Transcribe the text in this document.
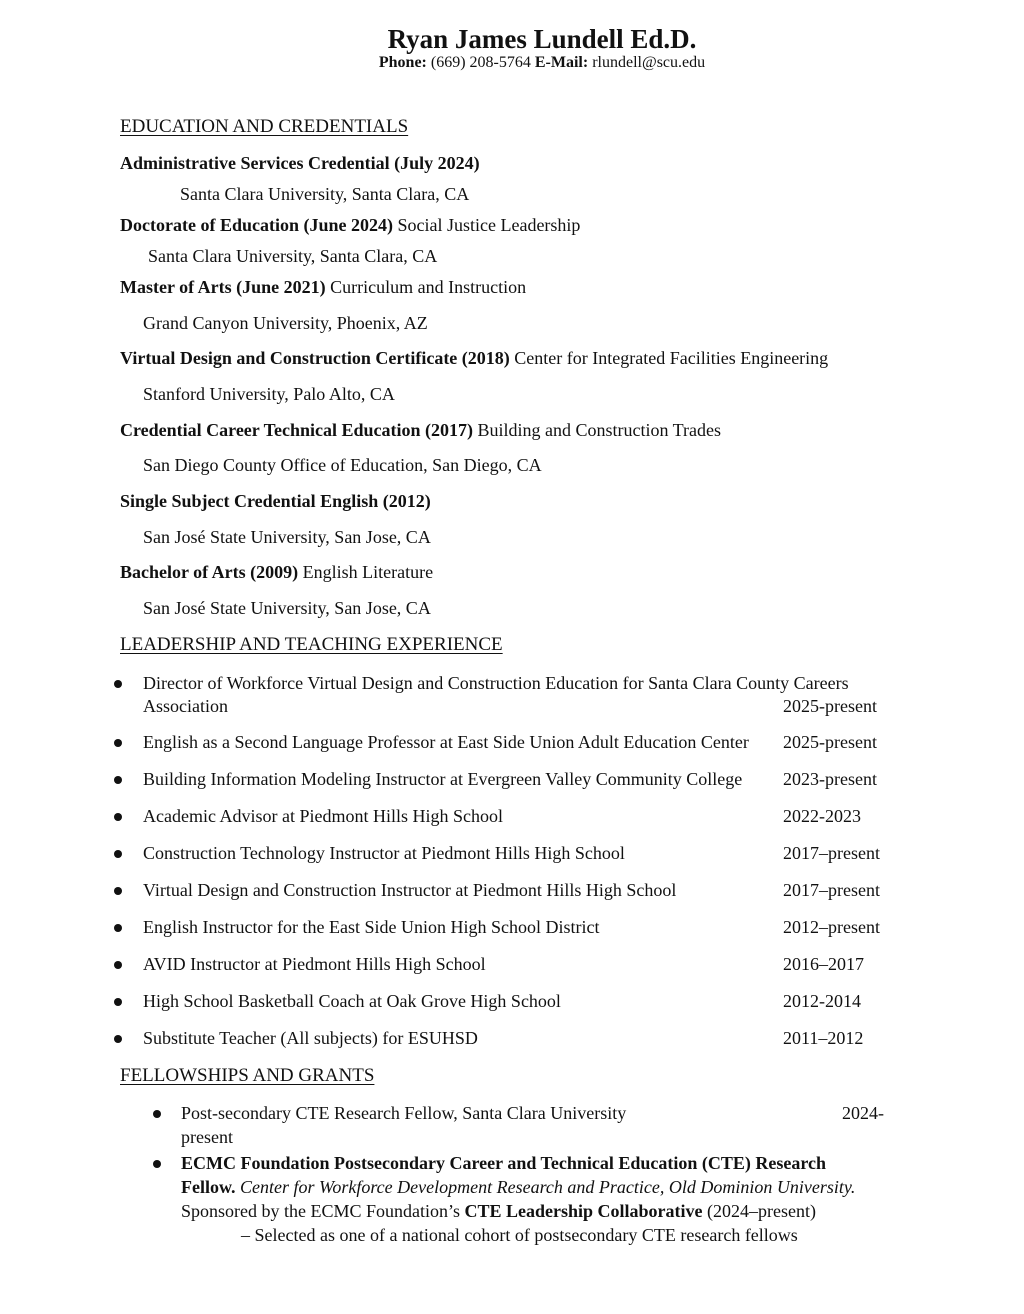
Ryan James Lundell Ed.D.
Phone: (669) 208-5764 E-Mail: rlundell@scu.edu
EDUCATION AND CREDENTIALS
Administrative Services Credential (July 2024)
Santa Clara University, Santa Clara, CA
Doctorate of Education (June 2024) Social Justice Leadership
Santa Clara University, Santa Clara, CA
Master of Arts (June 2021) Curriculum and Instruction
Grand Canyon University, Phoenix, AZ
Virtual Design and Construction Certificate (2018) Center for Integrated Facilities Engineering
Stanford University, Palo Alto, CA
Credential Career Technical Education (2017) Building and Construction Trades
San Diego County Office of Education, San Diego, CA
Single Subject Credential English (2012)
San José State University, San Jose, CA
Bachelor of Arts (2009) English Literature
San José State University, San Jose, CA
LEADERSHIP AND TEACHING EXPERIENCE
Director of Workforce Virtual Design and Construction Education for Santa Clara County Careers
Association	2025-present
English as a Second Language Professor at East Side Union Adult Education Center 2025-present
Building Information Modeling Instructor at Evergreen Valley Community College 2023-present
Academic Advisor at Piedmont Hills High School	2022-2023
Construction Technology Instructor at Piedmont Hills High School	2017–present
Virtual Design and Construction Instructor at Piedmont Hills High School	2017–present
English Instructor for the East Side Union High School District	2012–present
AVID Instructor at Piedmont Hills High School	2016–2017
High School Basketball Coach at Oak Grove High School	2012-2014
Substitute Teacher (All subjects) for ESUHSD	2011–2012
FELLOWSHIPS AND GRANTS
Post-secondary CTE Research Fellow, Santa Clara University	2024-
present
ECMC Foundation Postsecondary Career and Technical Education (CTE) Research
Fellow. Center for Workforce Development Research and Practice, Old Dominion University.
Sponsored by the ECMC Foundation’s CTE Leadership Collaborative (2024–present)
– Selected as one of a national cohort of postsecondary CTE research fellows
